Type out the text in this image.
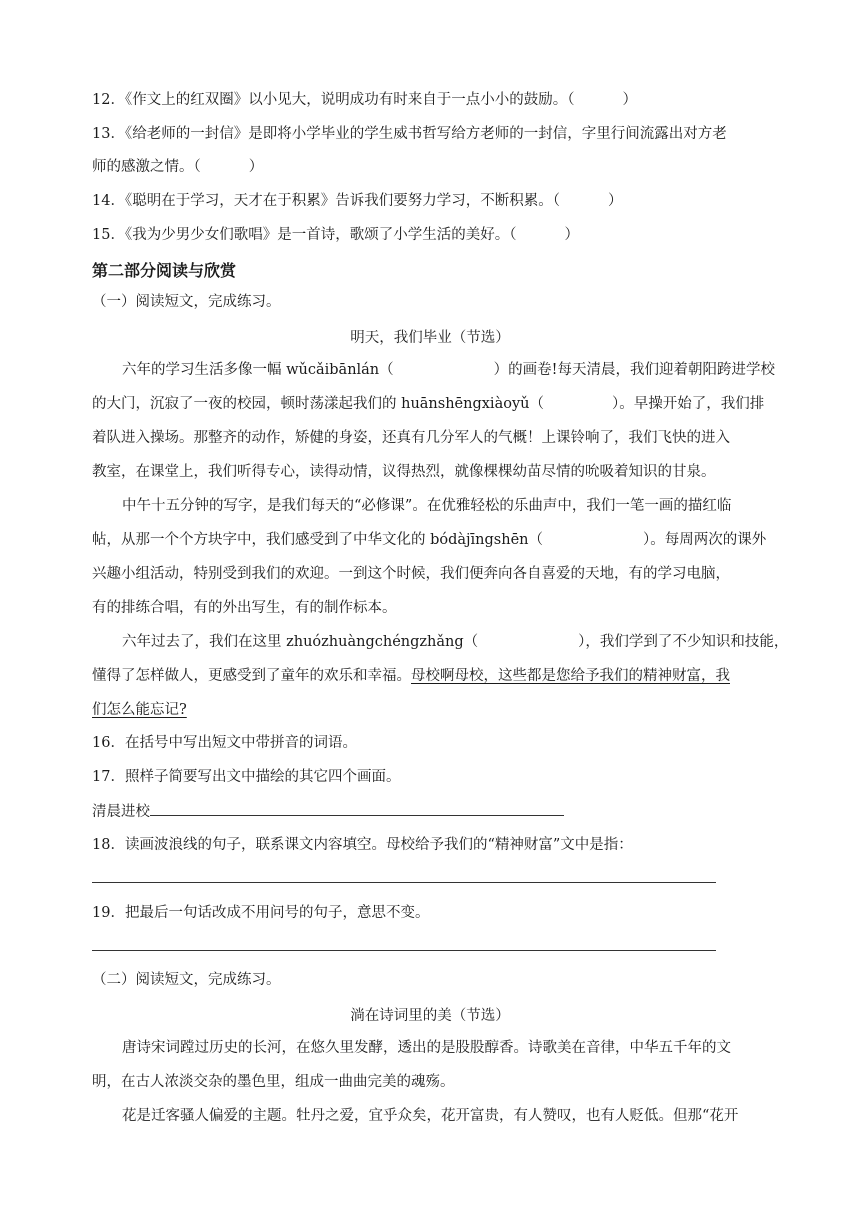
12．《作文上的红双圈》以小见大，说明成功有时来自于一点小小的鼓励。（	）
13．《给老师的一封信》是即将小学毕业的学生威书哲写给方老师的一封信，字里行间流露出对方老
师的感激之情。（	）
14．《聪明在于学习，天才在于积累》告诉我们要努力学习，不断积累。（	）
15．《我为少男少女们歌唱》是一首诗，歌颂了小学生活的美好。（	）
第二部分阅读与欣赏
（一）阅读短文，完成练习。
明天，我们毕业（节选）
六年的学习生活多像一幅 wǔcǎibānlán（	）的画卷!每天清晨，我们迎着朝阳跨进学校
的大门，沉寂了一夜的校园，顿时荡漾起我们的 huānshēngxiàoyǔ（	）。早操开始了，我们排
着队进入操场。那整齐的动作，矫健的身姿，还真有几分军人的气概！上课铃响了，我们飞快的进入
教室，在课堂上，我们听得专心，读得动情，议得热烈，就像棵棵幼苗尽情的吮吸着知识的甘泉。
中午十五分钟的写字，是我们每天的“必修课”。在优雅轻松的乐曲声中，我们一笔一画的描红临
帖，从那一个个方块字中，我们感受到了中华文化的 bódàjīngshēn（	）。每周两次的课外
兴趣小组活动，特别受到我们的欢迎。一到这个时候，我们便奔向各自喜爱的天地，有的学习电脑，
有的排练合唱，有的外出写生，有的制作标本。
六年过去了，我们在这里 zhuózhuàngchéngzhǎng（	），我们学到了不少知识和技能，
懂得了怎样做人，更感受到了童年的欢乐和幸福。母校啊母校，这些都是您给予我们的精神财富，我
们怎么能忘记?
16．在括号中写出短文中带拼音的词语。
17．照样子简要写出文中描绘的其它四个画面。
清晨进校
18．读画波浪线的句子，联系课文内容填空。母校给予我们的“精神财富”文中是指：
19．把最后一句话改成不用问号的句子，意思不变。
（二）阅读短文，完成练习。
淌在诗词里的美（节选）
唐诗宋词蹚过历史的长河，在悠久里发酵，透出的是股股醇香。诗歌美在音律，中华五千年的文
明，在古人浓淡交杂的墨色里，组成一曲曲完美的魂殇。
花是迁客骚人偏爱的主题。牡丹之爱，宜乎众矣，花开富贵，有人赞叹，也有人贬低。但那“花开
